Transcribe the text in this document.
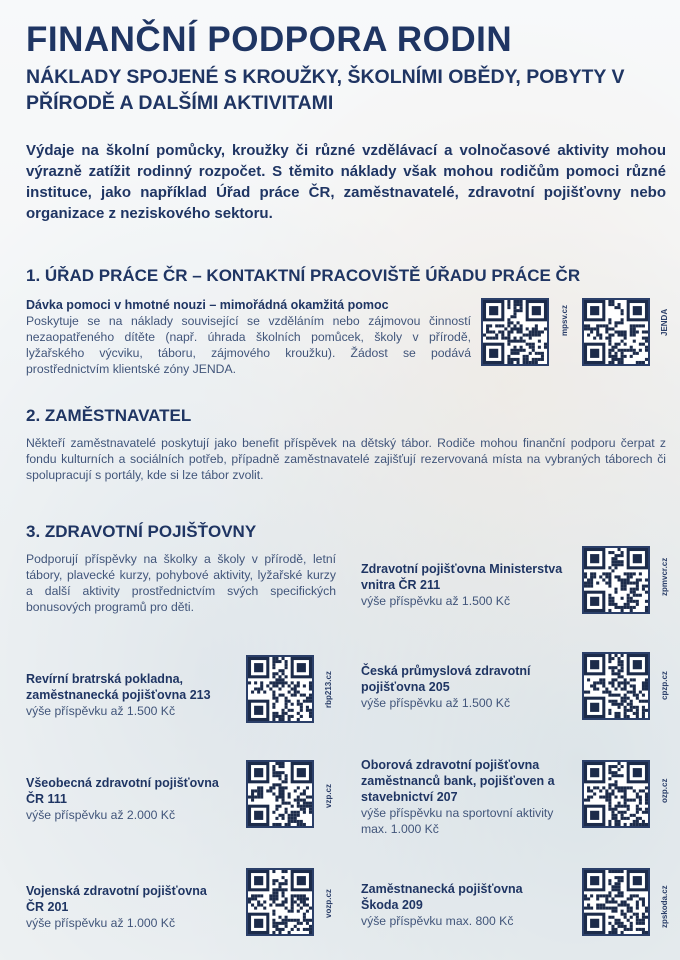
FINANČNÍ PODPORA RODIN

NÁKLADY SPOJENÉ S KROUŽKY, ŠKOLNÍMI OBĚDY, POBYTY V PŘÍRODĚ A DALŠÍMI AKTIVITAMI

Výdaje na školní pomůcky, kroužky či různé vzdělávací a volnočasové aktivity mohou výrazně zatížit rodinný rozpočet. S těmito náklady však mohou rodičům pomoci různé instituce, jako například Úřad práce ČR, zaměstnavatelé, zdravotní pojišťovny nebo organizace z neziskového sektoru.

1. ÚŘAD PRÁCE ČR – KONTAKTNÍ PRACOVIŠTĚ ÚŘADU PRÁCE ČR

Dávka pomoci v hmotné nouzi – mimořádná okamžitá pomoc

Poskytuje se na náklady související se vzděláním nebo zájmovou činností nezaopatřeného dítěte (např. úhrada školních pomůcek, školy v přírodě, lyžařského výcviku, táboru, zájmového kroužku). Žádost se podává prostřednictvím klientské zóny JENDA.

mpsv.cz	JENDA

2. ZAMĚSTNAVATEL

Někteří zaměstnavatelé poskytují jako benefit příspěvek na dětský tábor. Rodiče mohou finanční podporu čerpat z fondu kulturních a sociálních potřeb, případně zaměstnavatelé zajišťují rezervovaná místa na vybraných táborech či spolupracují s portály, kde si lze tábor zvolit.

3. ZDRAVOTNÍ POJIŠŤOVNY

Podporují příspěvky na školky a školy v přírodě, letní tábory, plavecké kurzy, pohybové aktivity, lyžařské kurzy a další aktivity prostřednictvím svých specifických bonusových programů pro děti.

Zdravotní pojišťovna Ministerstva vnitra ČR 211
výše příspěvku až 1.500 Kč
zpmvcr.cz
Revírní bratrská pokladna, zaměstnanecká pojišťovna 213
výše příspěvku až 1.500 Kč
rbp213.cz
Česká průmyslová zdravotní pojišťovna 205
výše příspěvku až 1.500 Kč
cpzp.cz
Všeobecná zdravotní pojišťovna ČR 111
výše příspěvku až 2.000 Kč
vzp.cz
Oborová zdravotní pojišťovna zaměstnanců bank, pojišťoven a stavebnictví 207
výše příspěvku na sportovní aktivity max. 1.000 Kč
ozp.cz
Vojenská zdravotní pojišťovna ČR 201
výše příspěvku až 1.000 Kč
vozp.cz
Zaměstnanecká pojišťovna Škoda 209
výše příspěvku max. 800 Kč	zpskoda.cz
